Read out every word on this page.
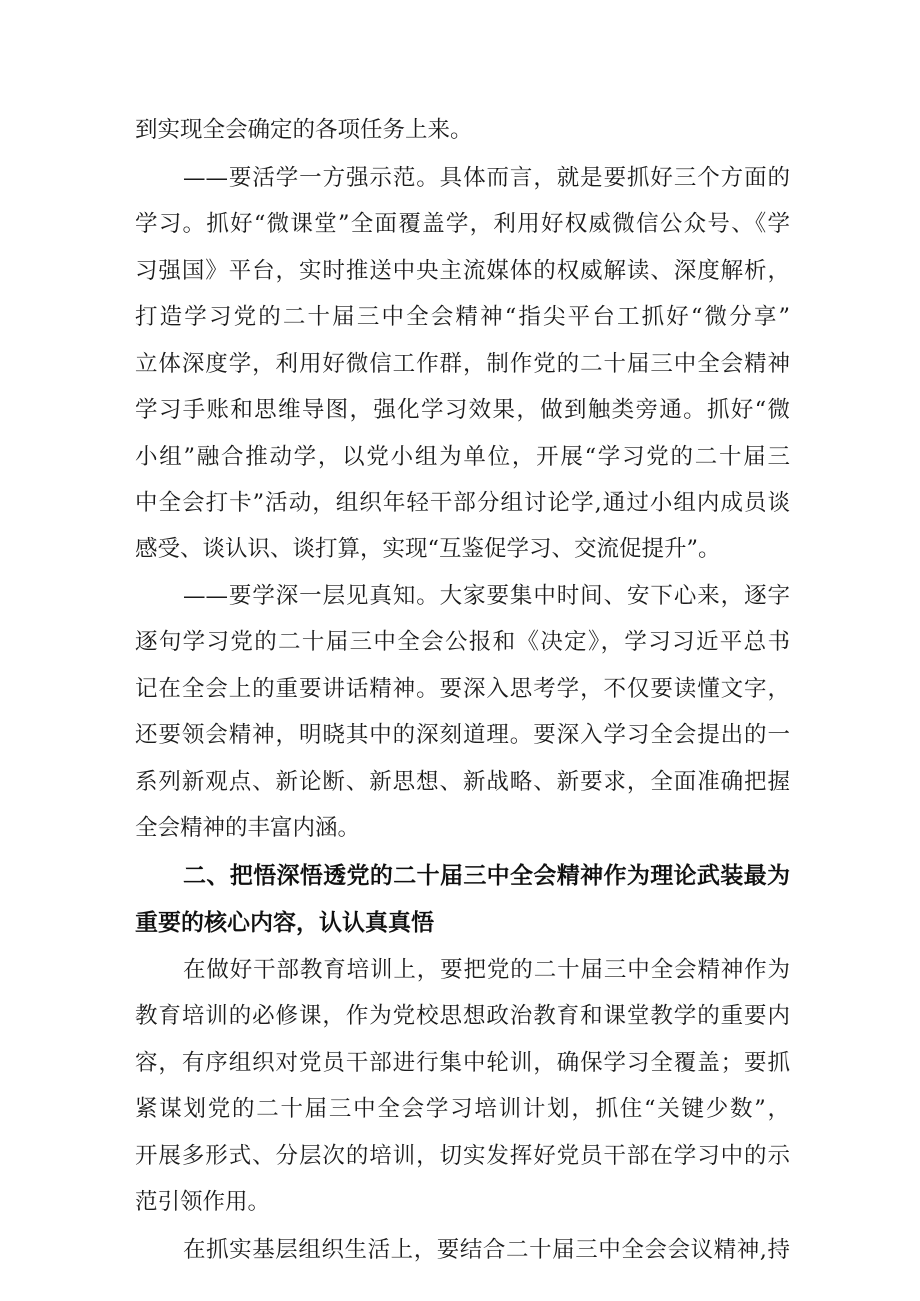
到实现全会确定的各项任务上来。
——要活学一方强示范。具体而言，就是要抓好三个方面的
学习。抓好“微课堂”全面覆盖学，利用好权威微信公众号、《学
习强国》平台，实时推送中央主流媒体的权威解读、深度解析，
打造学习党的二十届三中全会精神“指尖平台工抓好“微分享”
立体深度学，利用好微信工作群，制作党的二十届三中全会精神
学习手账和思维导图，强化学习效果，做到触类旁通。抓好“微
小组”融合推动学，以党小组为单位，开展“学习党的二十届三
中全会打卡”活动，组织年轻干部分组讨论学,通过小组内成员谈
感受、谈认识、谈打算，实现“互鉴促学习、交流促提升”。
——要学深一层见真知。大家要集中时间、安下心来，逐字
逐句学习党的二十届三中全会公报和《决定》，学习习近平总书
记在全会上的重要讲话精神。要深入思考学，不仅要读懂文字，
还要领会精神，明晓其中的深刻道理。要深入学习全会提出的一
系列新观点、新论断、新思想、新战略、新要求，全面准确把握
全会精神的丰富内涵。
二、把悟深悟透党的二十届三中全会精神作为理论武装最为
重要的核心内容，认认真真悟
在做好干部教育培训上，要把党的二十届三中全会精神作为
教育培训的必修课，作为党校思想政治教育和课堂教学的重要内
容，有序组织对党员干部进行集中轮训，确保学习全覆盖；要抓
紧谋划党的二十届三中全会学习培训计划，抓住“关键少数”，
开展多形式、分层次的培训，切实发挥好党员干部在学习中的示
范引领作用。
在抓实基层组织生活上，要结合二十届三中全会会议精神,持
